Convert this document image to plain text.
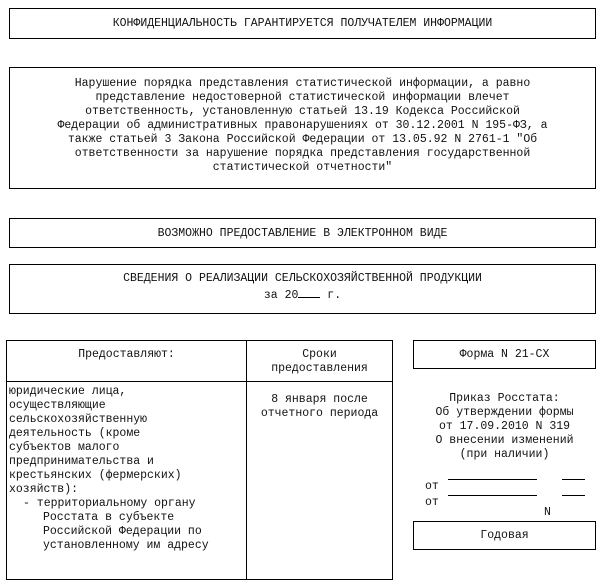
КОНФИДЕНЦИАЛЬНОСТЬ ГАРАНТИРУЕТСЯ ПОЛУЧАТЕЛЕМ ИНФОРМАЦИИ
Нарушение порядка представления статистической информации, а равно
представление недостоверной статистической информации влечет
ответственность, установленную статьей 13.19 Кодекса Российской
Федерации об административных правонарушениях от 30.12.2001 N 195-ФЗ, а
также статьей 3 Закона Российской Федерации от 13.05.92 N 2761-1 "Об
ответственности за нарушение порядка представления государственной
статистической отчетности"
ВОЗМОЖНО ПРЕДОСТАВЛЕНИЕ В ЭЛЕКТРОННОМ ВИДЕ
СВЕДЕНИЯ О РЕАЛИЗАЦИИ СЕЛЬСКОХОЗЯЙСТВЕННОЙ ПРОДУКЦИИ
за 20	г.
Предоставляют:	Сроки
предоставления
юридические лица,
осуществляющие
сельскохозяйственную
деятельность (кроме
субъектов малого
предпринимательства и
крестьянских (фермерских)
хозяйств):
- территориальному органу
Росстата в субъекте
Российской Федерации по
установленному им адресу
8 января после
отчетного периода
Форма N 21-СХ
Приказ Росстата:
Об утверждении формы
от 17.09.2010 N 319
О внесении изменений
(при наличии)

от

N

от

Годовая
